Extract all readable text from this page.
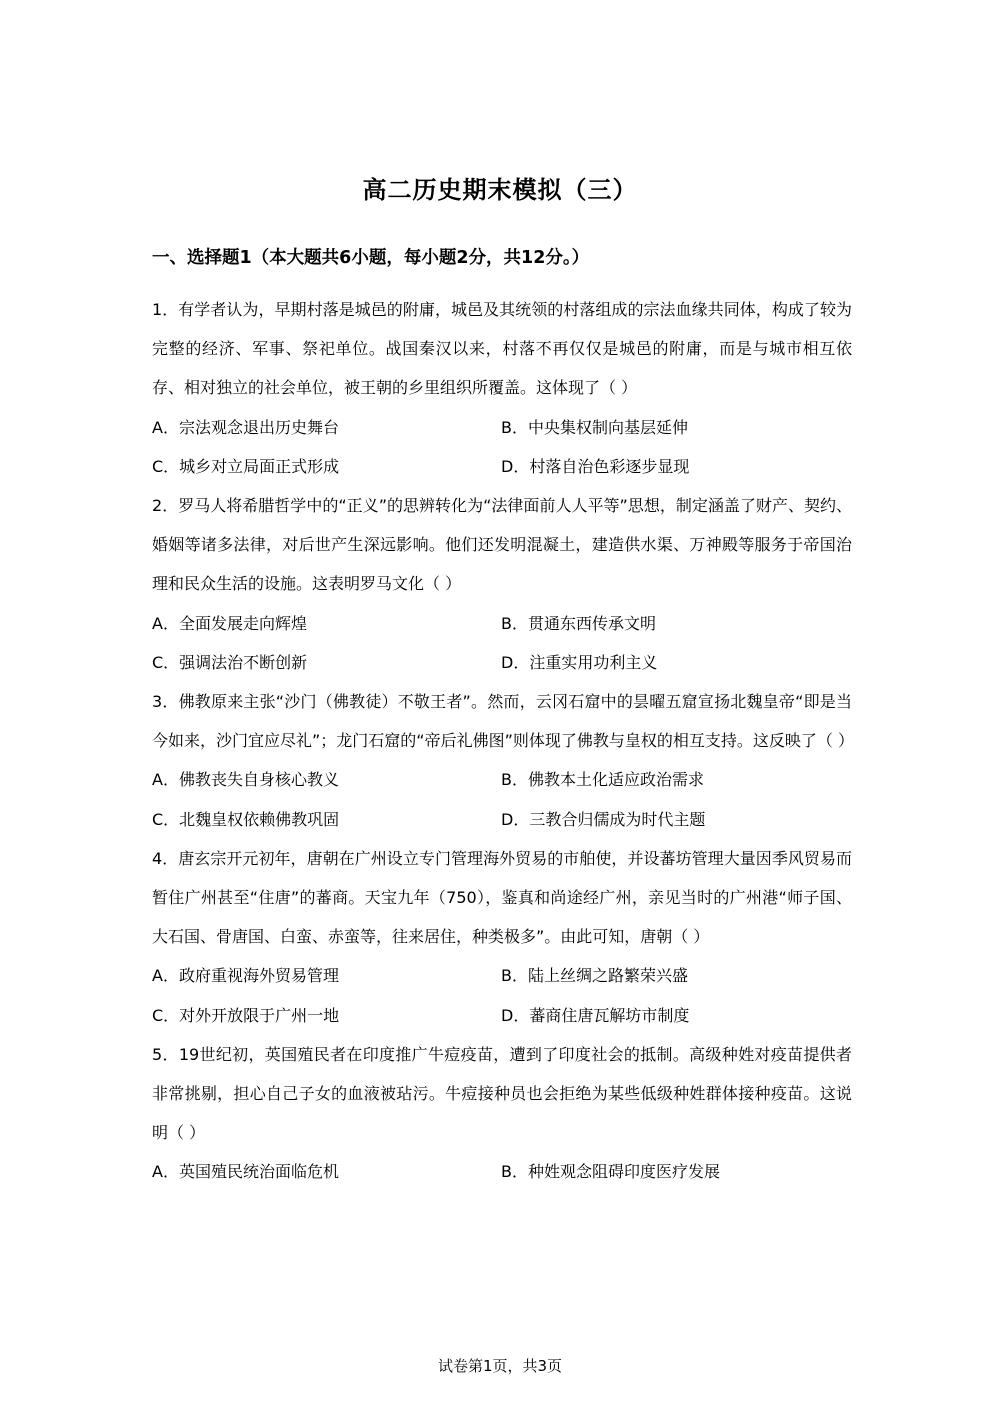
高二历史期末模拟（三）
一、选择题1（本大题共6小题，每小题2分，共12分。）

1．有学者认为，早期村落是城邑的附庸，城邑及其统领的村落组成的宗法血缘共同体，构成了较为完整的经济、军事、祭祀单位。战国秦汉以来，村落不再仅仅是城邑的附庸，而是与城市相互依存、相对独立的社会单位，被王朝的乡里组织所覆盖。这体现了（ ）

A．宗法观念退出历史舞台	B．中央集权制向基层延伸
C．城乡对立局面正式形成	D．村落自治色彩逐步显现

2．罗马人将希腊哲学中的“正义”的思辨转化为“法律面前人人平等”思想，制定涵盖了财产、契约、婚姻等诸多法律，对后世产生深远影响。他们还发明混凝土，建造供水渠、万神殿等服务于帝国治理和民众生活的设施。这表明罗马文化（ ）

A．全面发展走向辉煌	B．贯通东西传承文明
C．强调法治不断创新	D．注重实用功利主义

3．佛教原来主张“沙门（佛教徒）不敬王者”。然而，云冈石窟中的昙曜五窟宣扬北魏皇帝“即是当今如来，沙门宜应尽礼”；龙门石窟的“帝后礼佛图”则体现了佛教与皇权的相互支持。这反映了（ ）

A．佛教丧失自身核心教义	B．佛教本土化适应政治需求
C．北魏皇权依赖佛教巩固	D．三教合归儒成为时代主题

4．唐玄宗开元初年，唐朝在广州设立专门管理海外贸易的市舶使，并设蕃坊管理大量因季风贸易而暂住广州甚至“住唐”的蕃商。天宝九年（750），鉴真和尚途经广州，亲见当时的广州港“师子国、大石国、骨唐国、白蛮、赤蛮等，往来居住，种类极多”。由此可知，唐朝（ ）

A．政府重视海外贸易管理	B．陆上丝绸之路繁荣兴盛
C．对外开放限于广州一地	D．蕃商住唐瓦解坊市制度

5．19世纪初，英国殖民者在印度推广牛痘疫苗，遭到了印度社会的抵制。高级种姓对疫苗提供者非常挑剔，担心自己子女的血液被玷污。牛痘接种员也会拒绝为某些低级种姓群体接种疫苗。这说明（ ）

A．英国殖民统治面临危机	B．种姓观念阻碍印度医疗发展
试卷第1页，共3页
